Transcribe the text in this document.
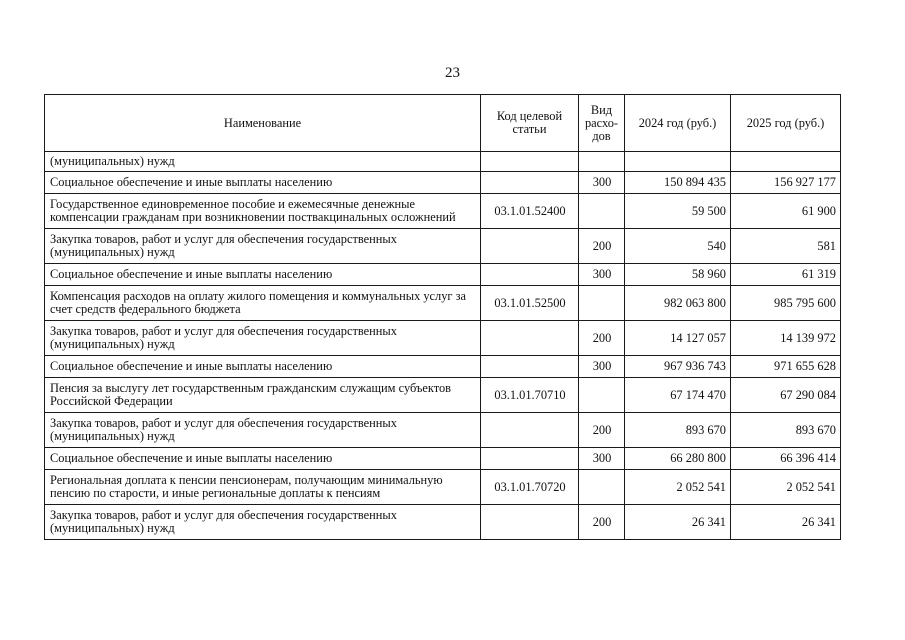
23
Наименование	Код целевой статьи	Вид расхо-дов	2024 год (руб.)	2025 год (руб.)
(муниципальных) нужд				
Социальное обеспечение и иные выплаты населению		300	150 894 435	156 927 177
Государственное единовременное пособие и ежемесячные денежные компенсации гражданам при возникновении поствакцинальных осложнений	03.1.01.52400		59 500	61 900
Закупка товаров, работ и услуг для обеспечения государственных (муниципальных) нужд		200	540	581
Социальное обеспечение и иные выплаты населению		300	58 960	61 319
Компенсация расходов на оплату жилого помещения и коммунальных услуг за счет средств федерального бюджета	03.1.01.52500		982 063 800	985 795 600
Закупка товаров, работ и услуг для обеспечения государственных (муниципальных) нужд		200	14 127 057	14 139 972
Социальное обеспечение и иные выплаты населению		300	967 936 743	971 655 628
Пенсия за выслугу лет государственным гражданским служащим субъектов Российской Федерации	03.1.01.70710		67 174 470	67 290 084
Закупка товаров, работ и услуг для обеспечения государственных (муниципальных) нужд		200	893 670	893 670
Социальное обеспечение и иные выплаты населению		300	66 280 800	66 396 414
Региональная доплата к пенсии пенсионерам, получающим минимальную пенсию по старости, и иные региональные доплаты к пенсиям	03.1.01.70720		2 052 541	2 052 541
Закупка товаров, работ и услуг для обеспечения государственных (муниципальных) нужд		200	26 341	26 341
